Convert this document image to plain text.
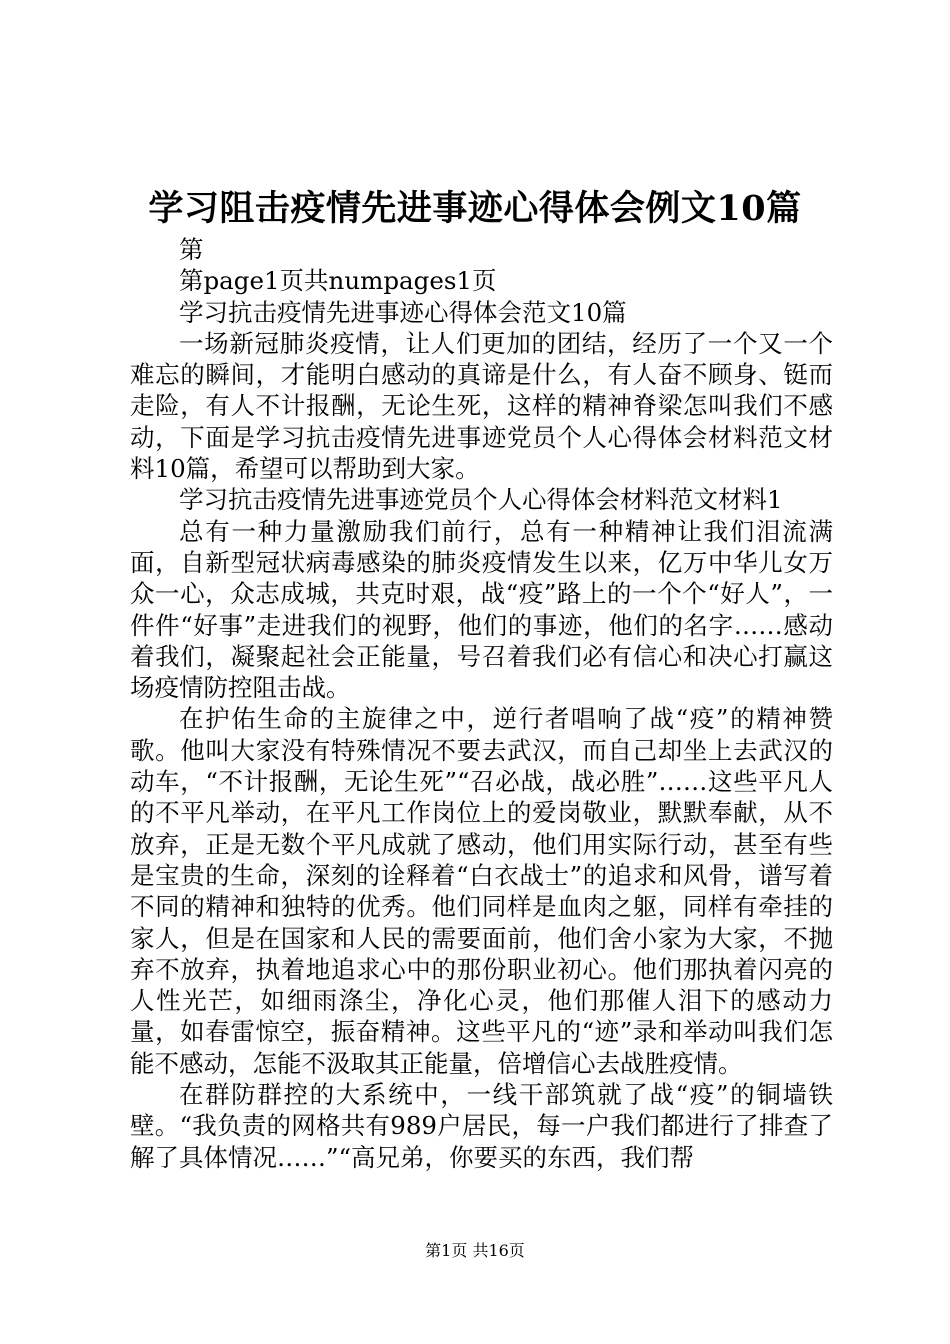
学习阻击疫情先进事迹心得体会例文10篇

第

第page1页共numpages1页

学习抗击疫情先进事迹心得体会范文10篇

一场新冠肺炎疫情，让人们更加的团结，经历了一个又一个难忘的瞬间，才能明白感动的真谛是什么，有人奋不顾身、铤而走险，有人不计报酬，无论生死，这样的精神脊梁怎叫我们不感动，下面是学习抗击疫情先进事迹党员个人心得体会材料范文材料10篇，希望可以帮助到大家。

学习抗击疫情先进事迹党员个人心得体会材料范文材料1

总有一种力量激励我们前行，总有一种精神让我们泪流满面，自新型冠状病毒感染的肺炎疫情发生以来，亿万中华儿女万众一心，众志成城，共克时艰，战“疫”路上的一个个“好人”，一件件“好事”走进我们的视野，他们的事迹，他们的名字……感动着我们，凝聚起社会正能量，号召着我们必有信心和决心打赢这场疫情防控阻击战。

在护佑生命的主旋律之中，逆行者唱响了战“疫”的精神赞歌。他叫大家没有特殊情况不要去武汉，而自己却坐上去武汉的动车，“不计报酬，无论生死”“召必战，战必胜”……这些平凡人的不平凡举动，在平凡工作岗位上的爱岗敬业，默默奉献，从不放弃，正是无数个平凡成就了感动，他们用实际行动，甚至有些是宝贵的生命，深刻的诠释着“白衣战士”的追求和风骨，谱写着不同的精神和独特的优秀。他们同样是血肉之躯，同样有牵挂的家人，但是在国家和人民的需要面前，他们舍小家为大家，不抛弃不放弃，执着地追求心中的那份职业初心。他们那执着闪亮的人性光芒，如细雨涤尘，净化心灵，他们那催人泪下的感动力量，如春雷惊空，振奋精神。这些平凡的“迹”录和举动叫我们怎能不感动，怎能不汲取其正能量，倍增信心去战胜疫情。

在群防群控的大系统中，一线干部筑就了战“疫”的铜墙铁壁。“我负责的网格共有989户居民，每一户我们都进行了排查了解了具体情况……”“高兄弟，你要买的东西，我们帮

第1页 共16页
